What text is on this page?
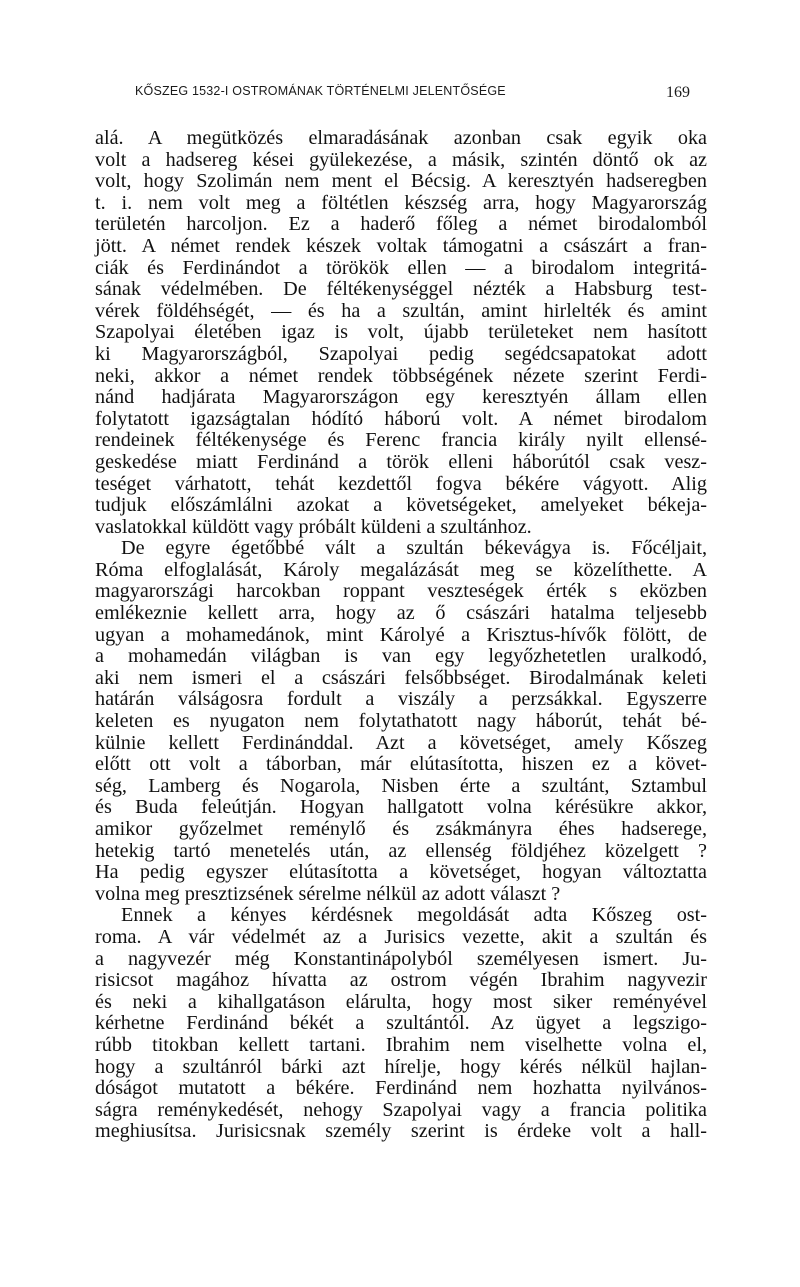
KŐSZEG 1532-I OSTROMÁNAK TÖRTÉNELMI JELENTŐSÉGE	169
alá. A megütközés elmaradásának azonban csak egyik oka
volt a hadsereg kései gyülekezése, a másik, szintén döntő ok az
volt, hogy Szolimán nem ment el Bécsig. A keresztyén hadseregben
t. i. nem volt meg a föltétlen készség arra, hogy Magyarország
területén harcoljon. Ez a haderő főleg a német birodalomból
jött. A német rendek készek voltak támogatni a császárt a fran-
ciák és Ferdinándot a törökök ellen — a birodalom integritá-
sának védelmében. De féltékenységgel nézték a Habsburg test-
vérek földéhségét, — és ha a szultán, amint hirlelték és amint
Szapolyai életében igaz is volt, újabb területeket nem hasított
ki Magyarországból, Szapolyai pedig segédcsapatokat adott
neki, akkor a német rendek többségének nézete szerint Ferdi-
nánd hadjárata Magyarországon egy keresztyén állam ellen
folytatott igazságtalan hódító háború volt. A német birodalom
rendeinek féltékenysége és Ferenc francia király nyilt ellensé-
geskedése miatt Ferdinánd a török elleni háborútól csak vesz-
teséget várhatott, tehát kezdettől fogva békére vágyott. Alig
tudjuk előszámlálni azokat a követségeket, amelyeket békeja-
vaslatokkal küldött vagy próbált küldeni a szultánhoz.
De egyre égetőbbé vált a szultán békevágya is. Főcéljait,
Róma elfoglalását, Károly megalázását meg se közelíthette. A
magyarországi harcokban roppant veszteségek érték s eközben
emlékeznie kellett arra, hogy az ő császári hatalma teljesebb
ugyan a mohamedánok, mint Károlyé a Krisztus-hívők fölött, de
a mohamedán világban is van egy legyőzhetetlen uralkodó,
aki nem ismeri el a császári felsőbbséget. Birodalmának keleti
határán válságosra fordult a viszály a perzsákkal. Egyszerre
keleten es nyugaton nem folytathatott nagy háborút, tehát bé-
külnie kellett Ferdinánddal. Azt a követséget, amely Kőszeg
előtt ott volt a táborban, már elútasította, hiszen ez a követ-
ség, Lamberg és Nogarola, Nisben érte a szultánt, Sztambul
és Buda feleútján. Hogyan hallgatott volna kérésükre akkor,
amikor győzelmet reménylő és zsákmányra éhes hadserege,
hetekig tartó menetelés után, az ellenség földjéhez közelgett ?
Ha pedig egyszer elútasította a követséget, hogyan változtatta
volna meg presztizsének sérelme nélkül az adott választ ?
Ennek a kényes kérdésnek megoldását adta Kőszeg ost-
roma. A vár védelmét az a Jurisics vezette, akit a szultán és
a nagyvezér még Konstantinápolyból személyesen ismert. Ju-
risicsot magához hívatta az ostrom végén Ibrahim nagyvezir
és neki a kihallgatáson elárulta, hogy most siker reményével
kérhetne Ferdinánd békét a szultántól. Az ügyet a legszigo-
rúbb titokban kellett tartani. Ibrahim nem viselhette volna el,
hogy a szultánról bárki azt hírelje, hogy kérés nélkül hajlan-
dóságot mutatott a békére. Ferdinánd nem hozhatta nyilvános-
ságra reménykedését, nehogy Szapolyai vagy a francia politika
meghiusítsa. Jurisicsnak személy szerint is érdeke volt a hall-
